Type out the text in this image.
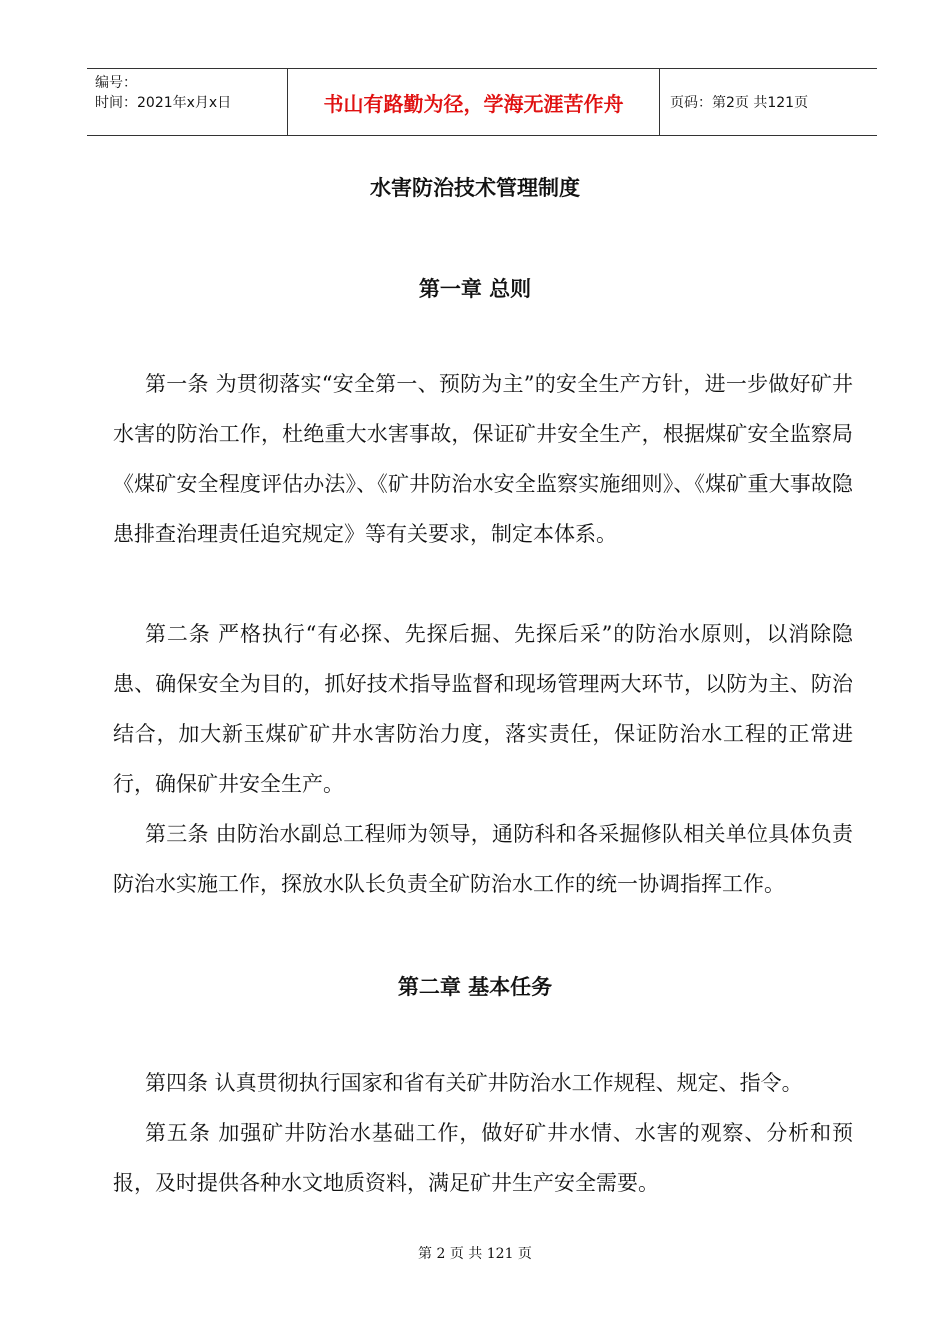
编号：
时间：2021年x月x日	书山有路勤为径，学海无涯苦作舟	页码：第2页 共121页
水害防治技术管理制度
第一章 总则

第一条 为贯彻落实“安全第一、预防为主”的安全生产方针，进一步做好矿井水害的防治工作，杜绝重大水害事故，保证矿井安全生产，根据煤矿安全监察局《煤矿安全程度评估办法》、《矿井防治水安全监察实施细则》、《煤矿重大事故隐患排查治理责任追究规定》等有关要求，制定本体系。

第二条 严格执行“有必探、先探后掘、先探后采”的防治水原则，以消除隐患、确保安全为目的，抓好技术指导监督和现场管理两大环节，以防为主、防治结合，加大新玉煤矿矿井水害防治力度，落实责任，保证防治水工程的正常进行，确保矿井安全生产。

第三条 由防治水副总工程师为领导，通防科和各采掘修队相关单位具体负责防治水实施工作，探放水队长负责全矿防治水工作的统一协调指挥工作。

第二章 基本任务

第四条 认真贯彻执行国家和省有关矿井防治水工作规程、规定、指令。

第五条 加强矿井防治水基础工作，做好矿井水情、水害的观察、分析和预报，及时提供各种水文地质资料，满足矿井生产安全需要。

第 2 页 共 121 页
